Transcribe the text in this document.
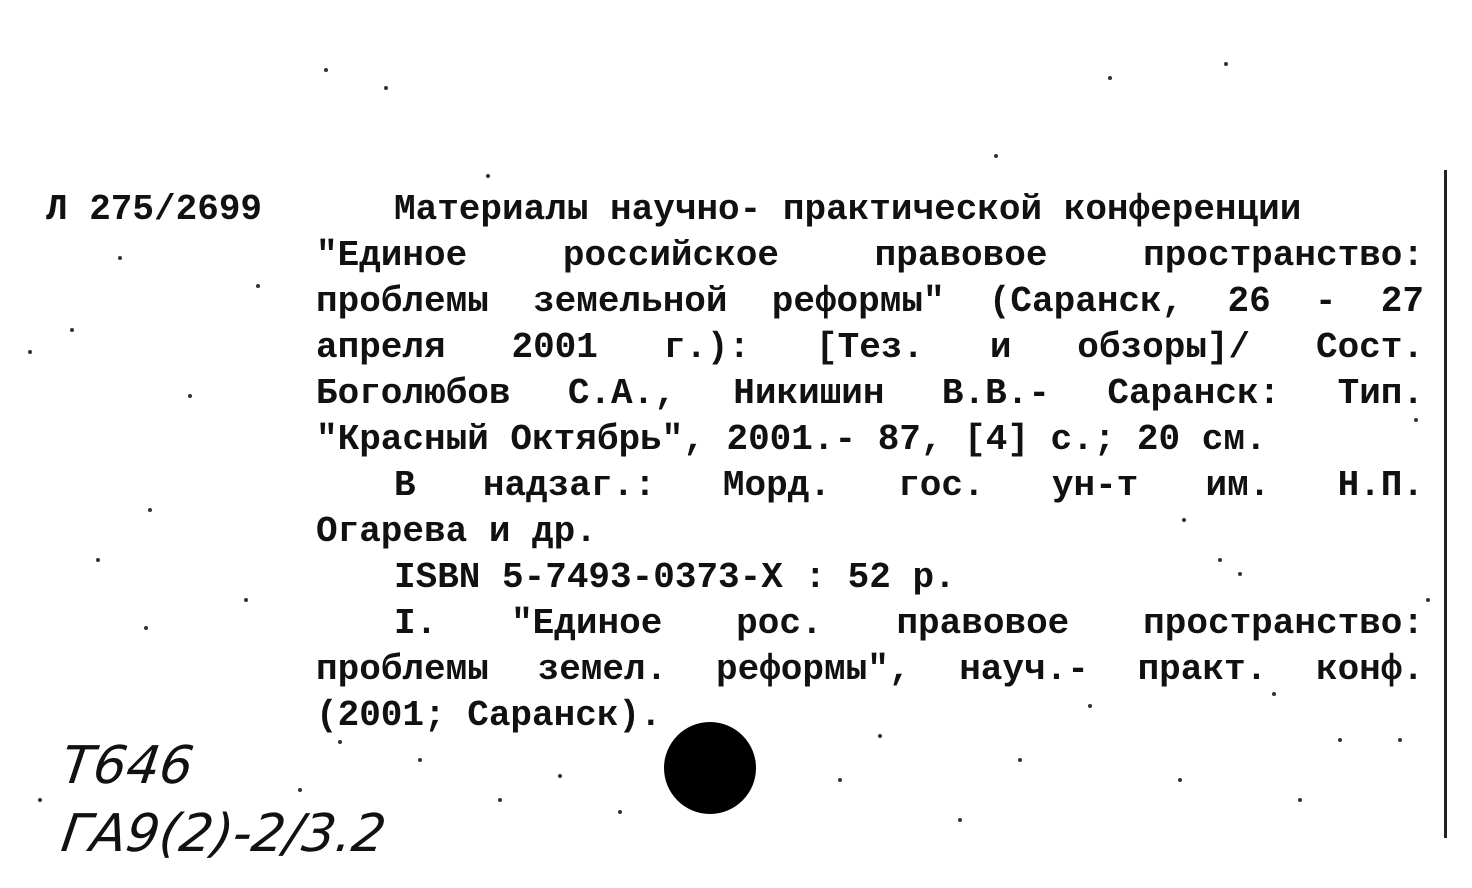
Л 275/2699	Материалы научно- практической конференции
"Единое российское правовое пространство:
проблемы земельной реформы" (Саранск, 26 - 27
апреля 2001 г.): [Тез. и обзоры]/ Сост.
Боголюбов С.А., Никишин В.В.- Саранск: Тип.
"Красный Октябрь", 2001.- 87, [4] с.; 20 см.
В надзаг.: Морд. гос. ун-т им. Н.П.
Огарева и др.
ISBN 5-7493-0373-X : 52 р.
I. "Единое рос. правовое пространство:
проблемы земел. реформы", науч.- практ. конф.
(2001; Саранск).
Т646
ГА9(2)-2/3.2
